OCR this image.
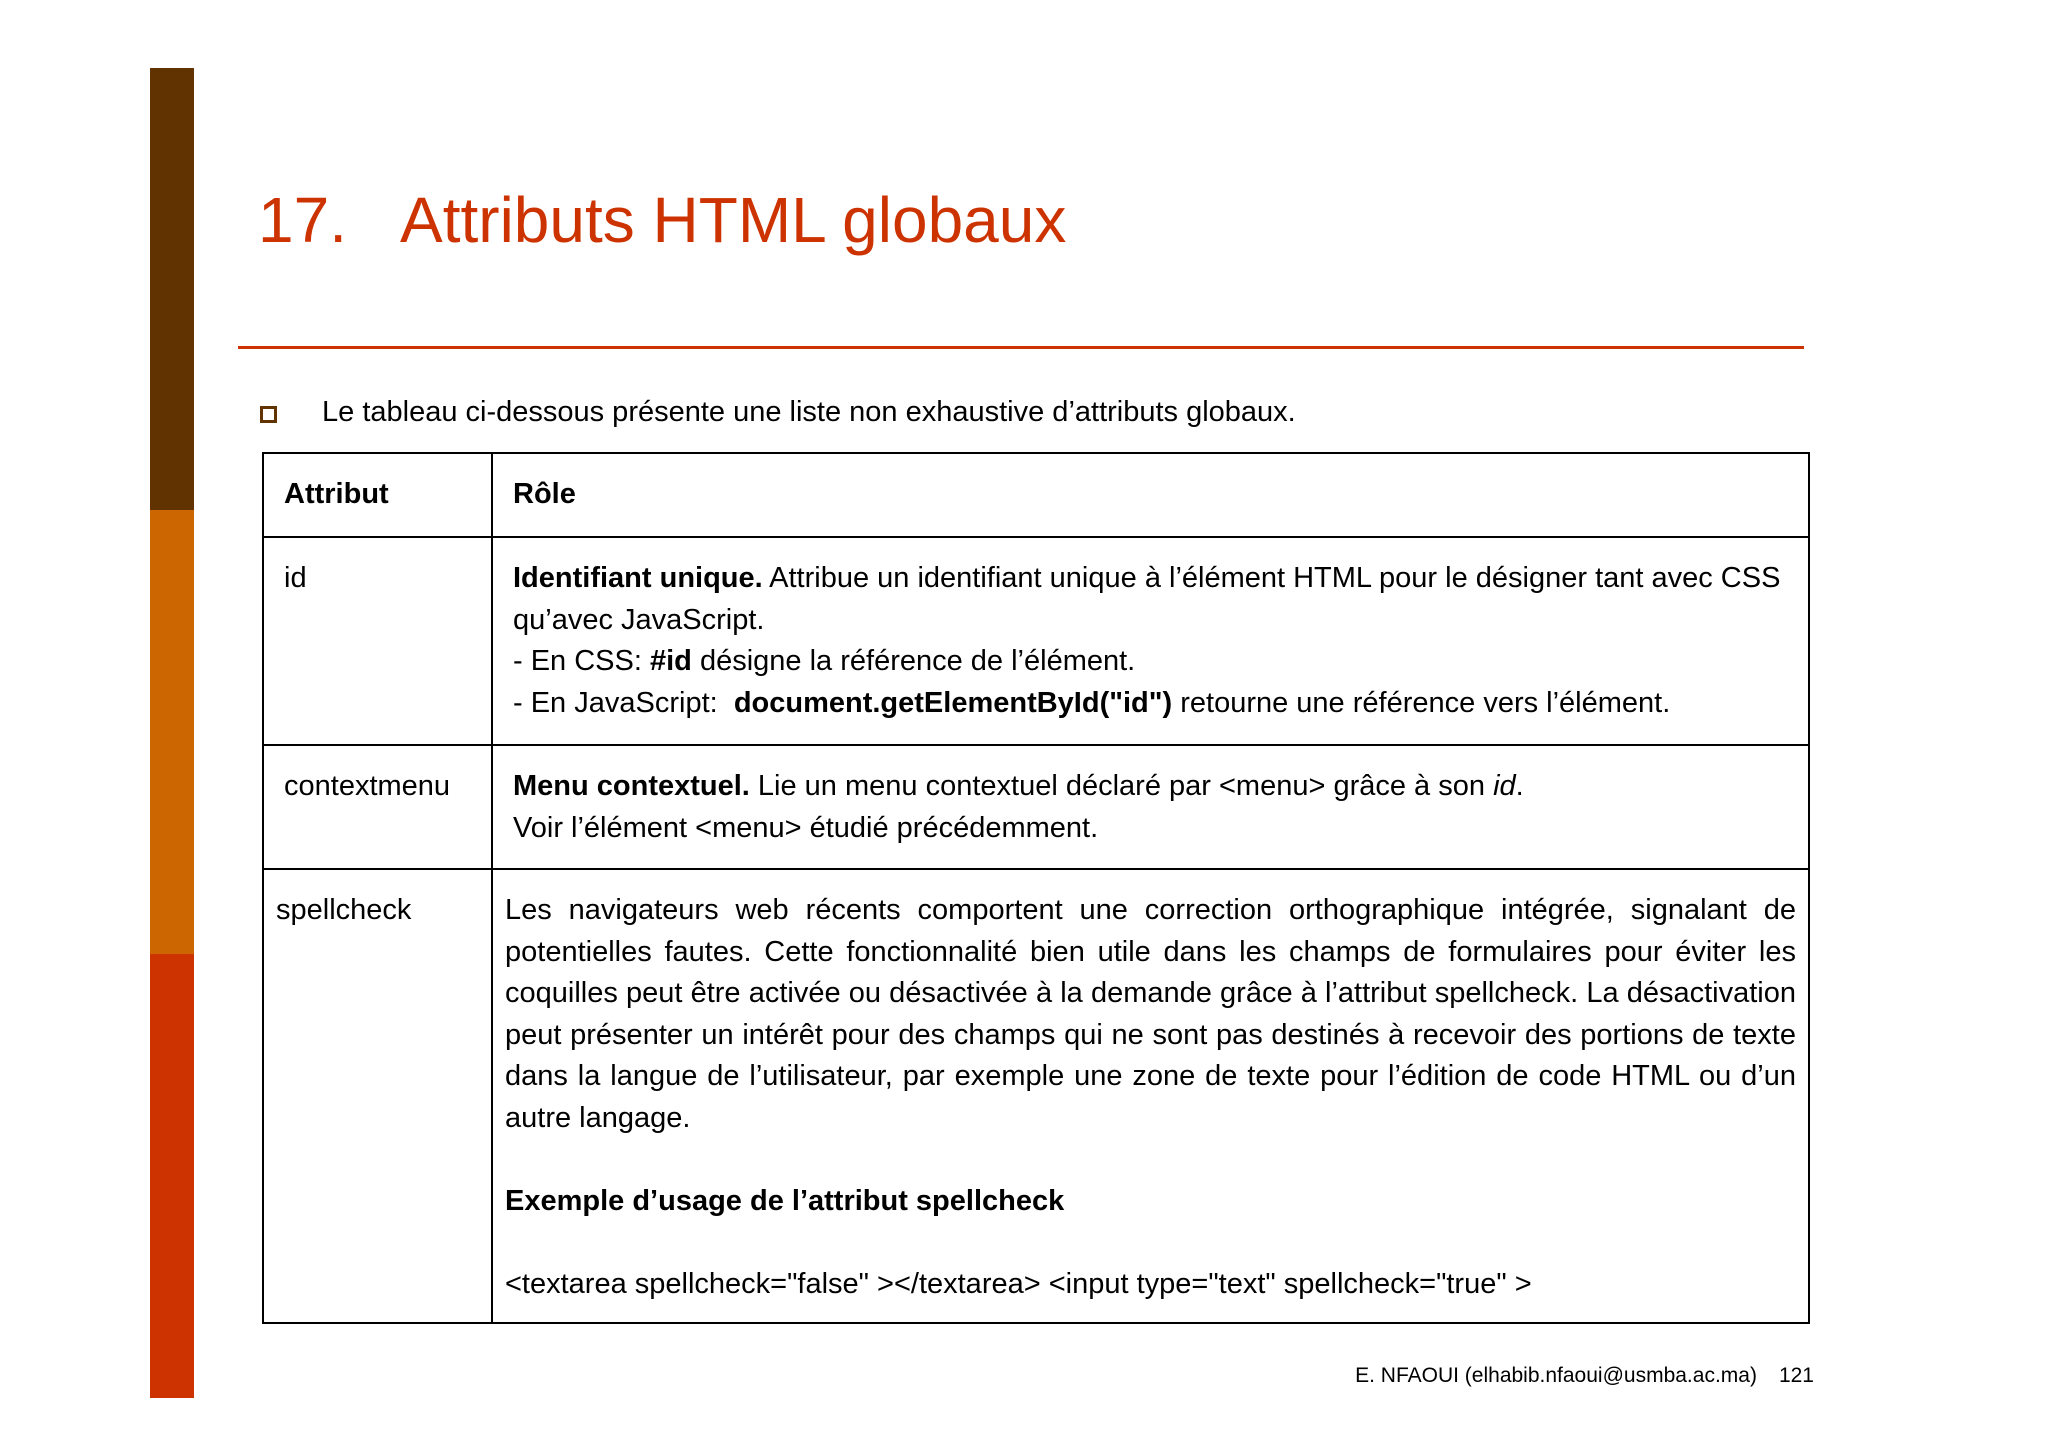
17. Attributs HTML globaux
Le tableau ci-dessous présente une liste non exhaustive d’attributs globaux.
Attribut	Rôle
id	Identifiant unique. Attribue un identifiant unique à l’élément HTML pour le désigner tant avec CSS qu’avec JavaScript.
- En CSS: #id désigne la référence de l’élément.
- En JavaScript:  document.getElementById("id") retourne une référence vers l’élément.

contextmenu	Menu contextuel. Lie un menu contextuel déclaré par <menu> grâce à son id.
Voir l’élément <menu> étudié précédemment.

spellcheck	Les navigateurs web récents comportent une correction orthographique intégrée, signalant de potentielles fautes. Cette fonctionnalité bien utile dans les champs de formulaires pour éviter les coquilles peut être activée ou désactivée à la demande grâce à l’attribut spellcheck. La désactivation peut présenter un intérêt pour des champs qui ne sont pas destinés à recevoir des portions de texte dans la langue de l’utilisateur, par exemple une zone de texte pour l’édition de code HTML ou d’un autre langage.
Exemple d’usage de l’attribut spellcheck
<textarea spellcheck="false" ></textarea> <input type="text" spellcheck="true" >
E. NFAOUI (elhabib.nfaoui@usmba.ac.ma) 121
